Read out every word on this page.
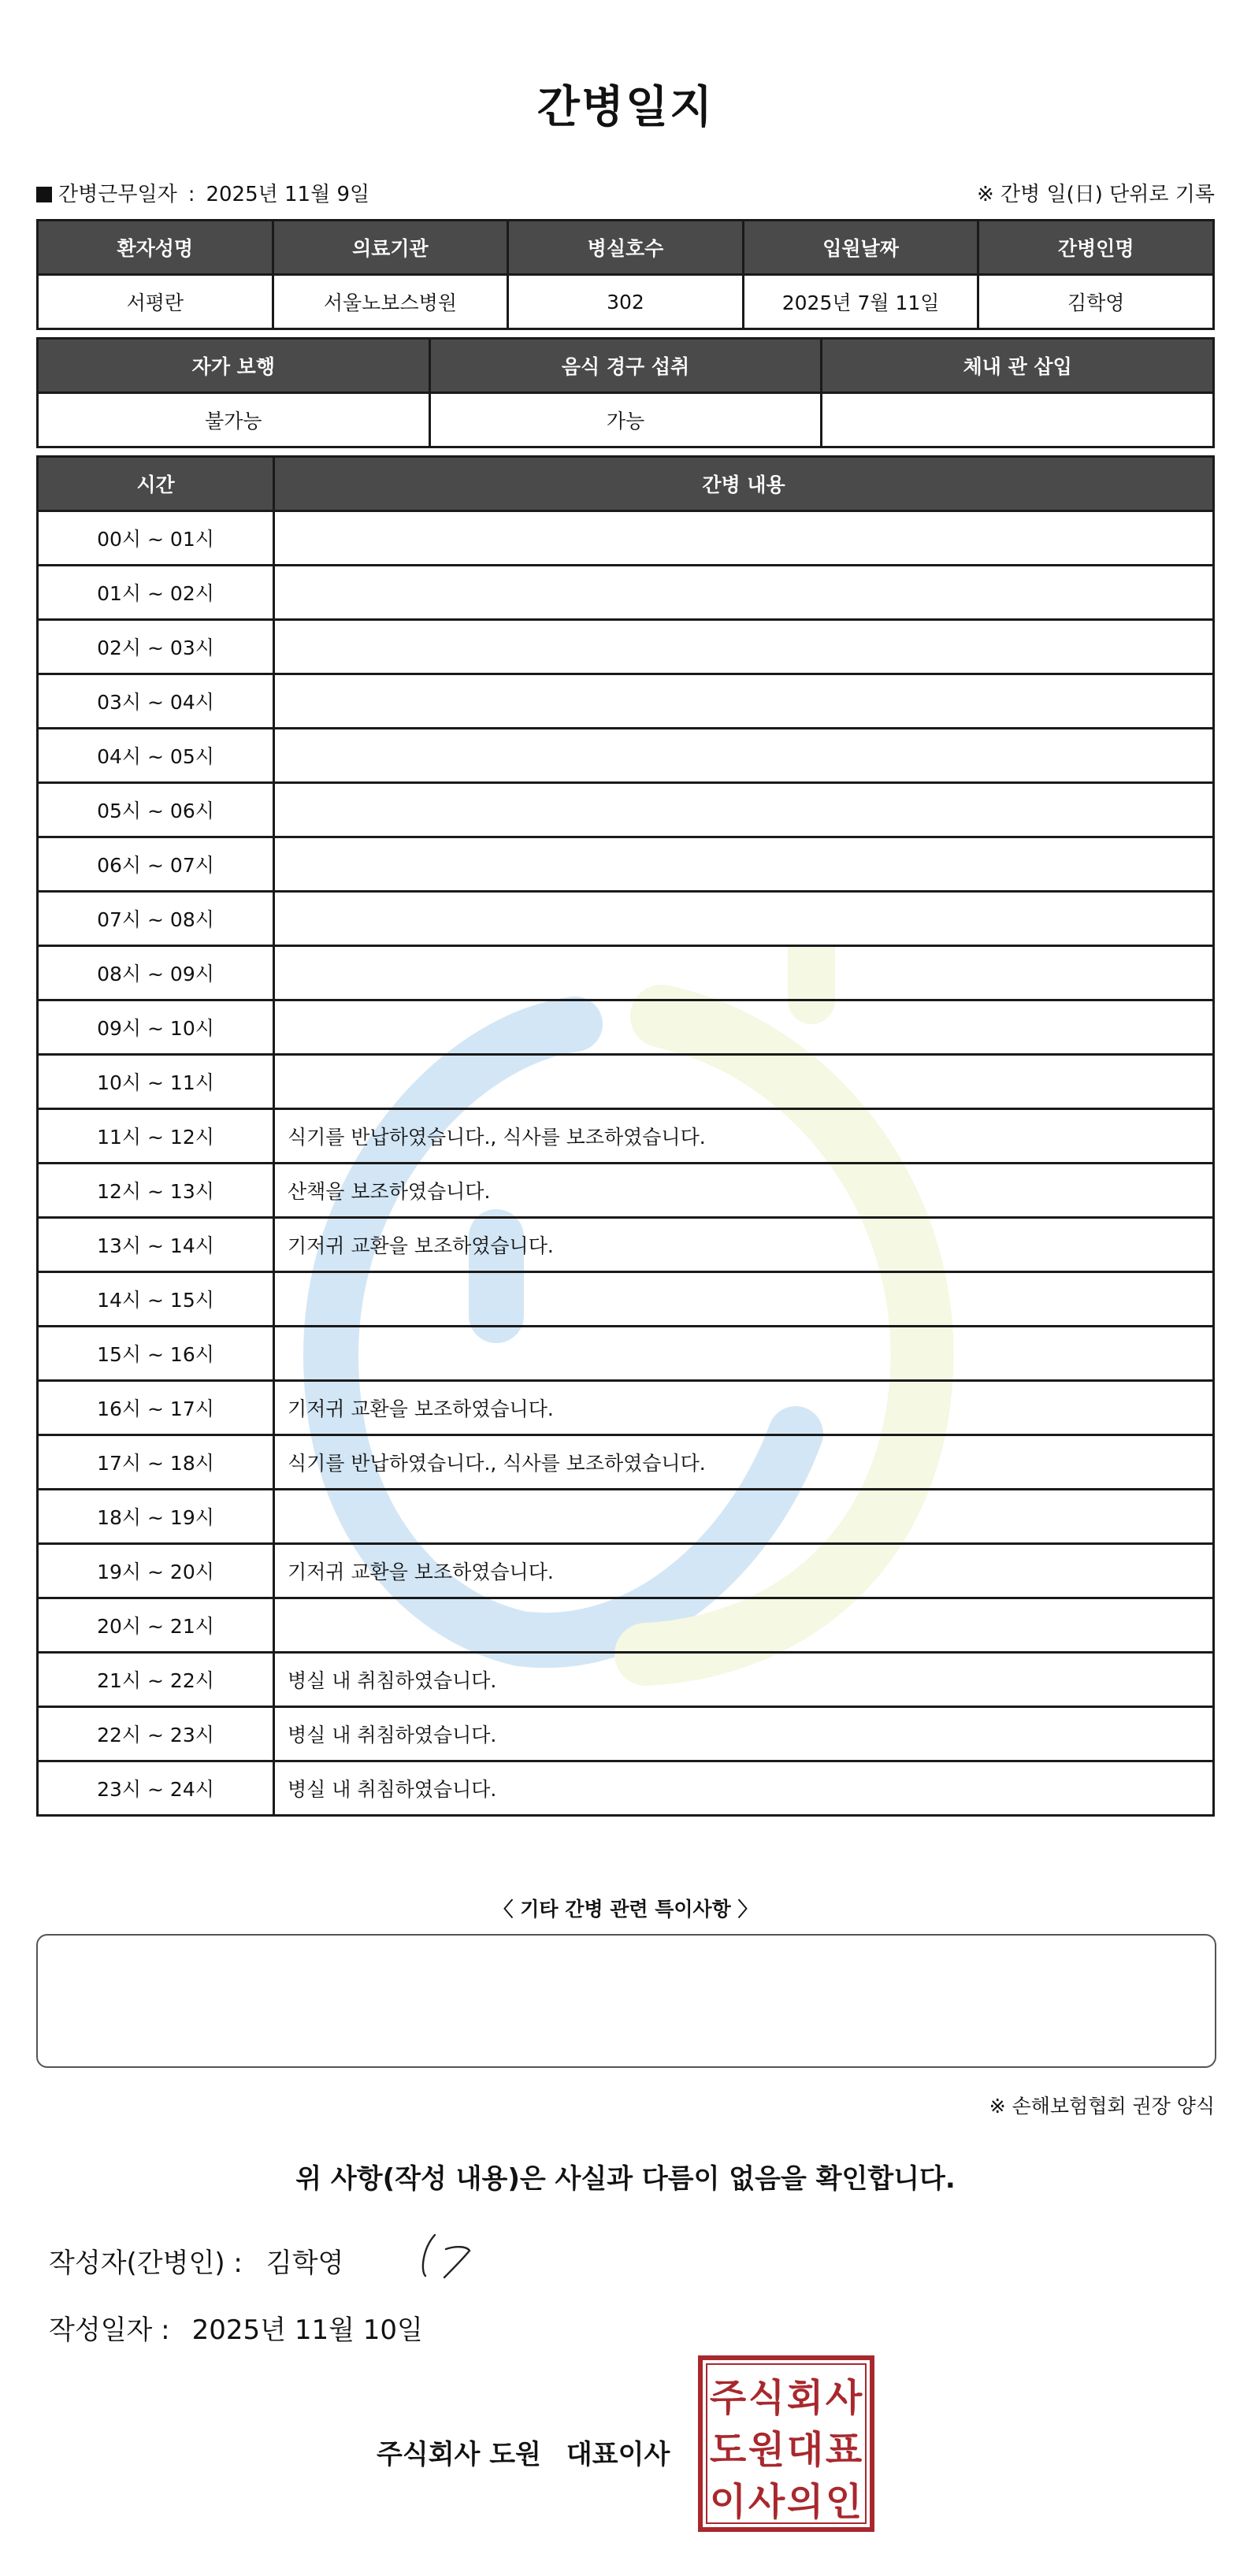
간병일지
간병근무일자 : 2025년 11월 9일	※ 간병 일(日) 단위로 기록
환자성명	의료기관	병실호수	입원날짜	간병인명
서평란	서울노보스병원	302	2025년 7월 11일	김학영
자가 보행	음식 경구 섭취	체내 관 삽입
불가능	가능	
시간	간병 내용
00시 ~ 01시	
01시 ~ 02시	
02시 ~ 03시	
03시 ~ 04시	
04시 ~ 05시	
05시 ~ 06시	
06시 ~ 07시	
07시 ~ 08시	
08시 ~ 09시	
09시 ~ 10시	
10시 ~ 11시	
11시 ~ 12시	식기를 반납하였습니다., 식사를 보조하였습니다.
12시 ~ 13시	산책을 보조하였습니다.
13시 ~ 14시	기저귀 교환을 보조하였습니다.
14시 ~ 15시	
15시 ~ 16시	
16시 ~ 17시	기저귀 교환을 보조하였습니다.
17시 ~ 18시	식기를 반납하였습니다., 식사를 보조하였습니다.
18시 ~ 19시	
19시 ~ 20시	기저귀 교환을 보조하였습니다.
20시 ~ 21시	
21시 ~ 22시	병실 내 취침하였습니다.
22시 ~ 23시	병실 내 취침하였습니다.
23시 ~ 24시	병실 내 취침하였습니다.
〈 기타 간병 관련 특이사항 〉
※ 손해보험협회 권장 양식
위 사항(작성 내용)은 사실과 다름이 없음을 확인합니다.
작성자(간병인) : 김학영
작성일자 : 2025년 11월 10일
주식회사 도원 대표이사
주 식 회 사
도 원 대 표
이 사 의 인
